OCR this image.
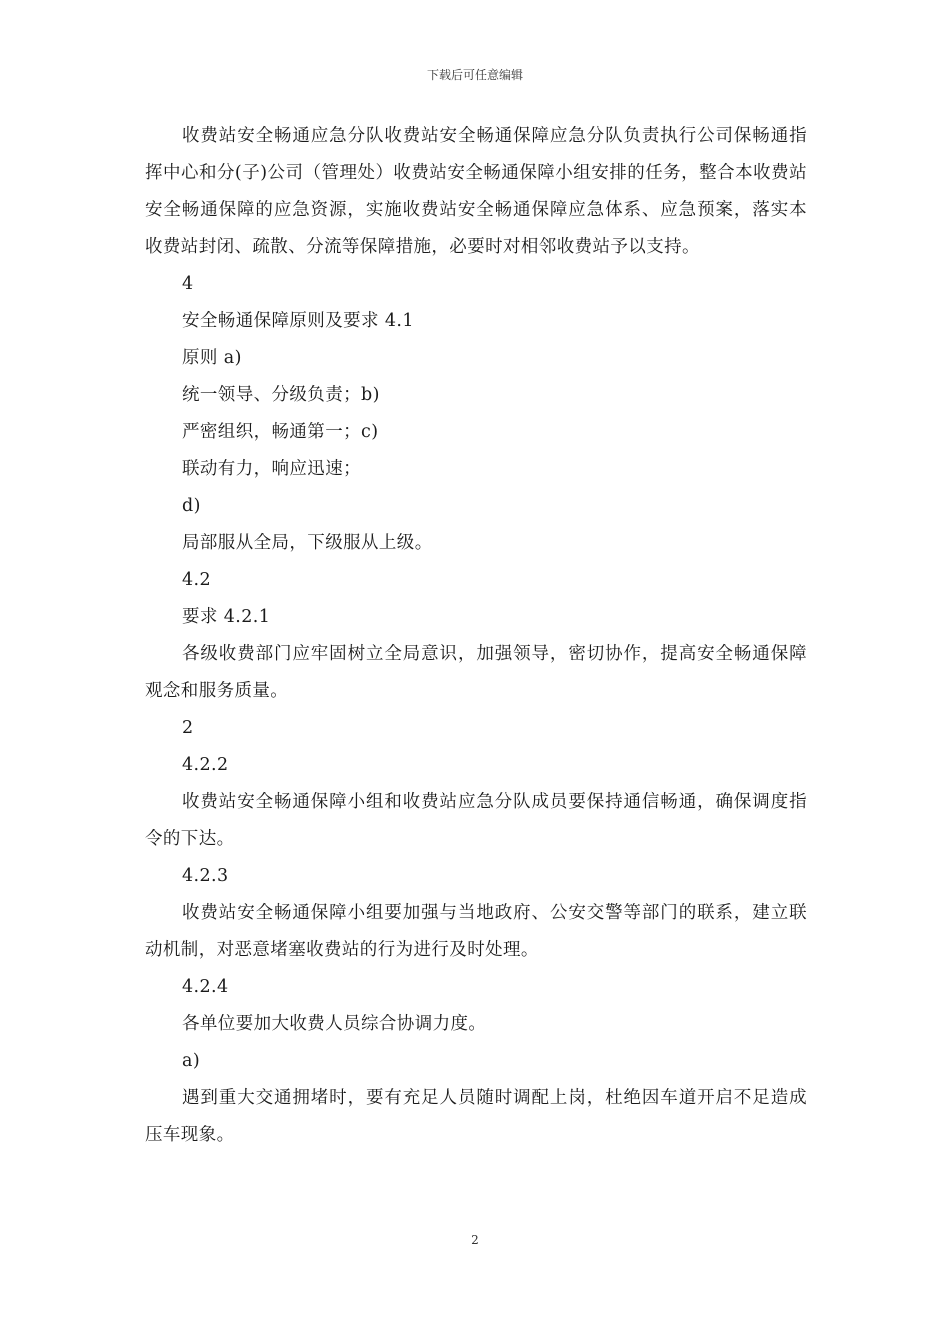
下载后可任意编辑

收费站安全畅通应急分队收费站安全畅通保障应急分队负责执行公司保畅通指挥中心和分(子)公司（管理处）收费站安全畅通保障小组安排的任务，整合本收费站安全畅通保障的应急资源，实施收费站安全畅通保障应急体系、应急预案，落实本收费站封闭、疏散、分流等保障措施，必要时对相邻收费站予以支持。

4

安全畅通保障原则及要求 4.1

原则 a)

统一领导、分级负责；b)

严密组织，畅通第一；c)

联动有力，响应迅速；

d)

局部服从全局，下级服从上级。

4.2

要求 4.2.1

各级收费部门应牢固树立全局意识，加强领导，密切协作，提高安全畅通保障观念和服务质量。

2

4.2.2

收费站安全畅通保障小组和收费站应急分队成员要保持通信畅通，确保调度指令的下达。

4.2.3

收费站安全畅通保障小组要加强与当地政府、公安交警等部门的联系，建立联动机制，对恶意堵塞收费站的行为进行及时处理。

4.2.4

各单位要加大收费人员综合协调力度。

a)

遇到重大交通拥堵时，要有充足人员随时调配上岗，杜绝因车道开启不足造成压车现象。

2
